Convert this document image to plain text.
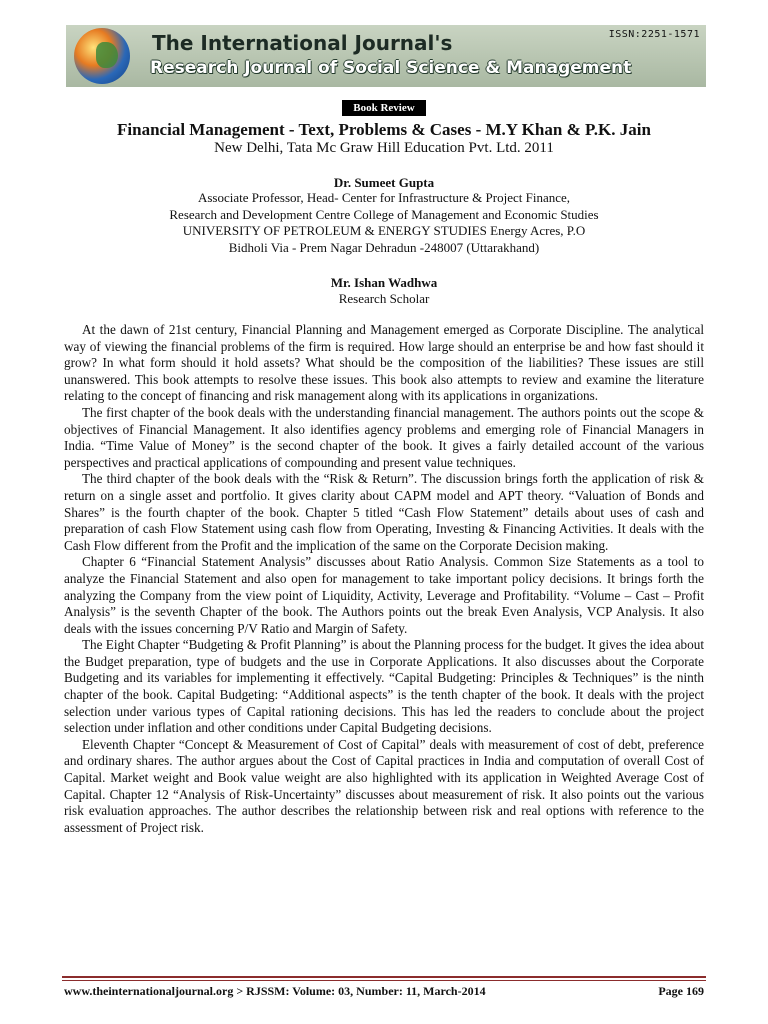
The International Journal's
Research Journal of Social Science & Management
ISSN:2251-1571
Book Review
Financial Management - Text, Problems & Cases - M.Y Khan & P.K. Jain
New Delhi, Tata Mc Graw Hill Education Pvt. Ltd. 2011
Dr. Sumeet Gupta
Associate Professor, Head- Center for Infrastructure & Project Finance,
Research and Development Centre College of Management and Economic Studies
UNIVERSITY OF PETROLEUM & ENERGY STUDIES Energy Acres, P.O
Bidholi Via - Prem Nagar Dehradun -248007 (Uttarakhand)
Mr. Ishan Wadhwa
Research Scholar

At the dawn of 21st century, Financial Planning and Management emerged as Corporate Discipline. The analytical way of viewing the financial problems of the firm is required. How large should an enterprise be and how fast should it grow? In what form should it hold assets? What should be the composition of the liabilities? These issues are still unanswered. This book attempts to resolve these issues. This book also attempts to review and examine the literature relating to the concept of financing and risk management along with its applications in organizations.

The first chapter of the book deals with the understanding financial management. The authors points out the scope & objectives of Financial Management. It also identifies agency problems and emerging role of Financial Managers in India. “Time Value of Money” is the second chapter of the book. It gives a fairly detailed account of the various perspectives and practical applications of compounding and present value techniques.

The third chapter of the book deals with the “Risk & Return”. The discussion brings forth the application of risk & return on a single asset and portfolio. It gives clarity about CAPM model and APT theory. “Valuation of Bonds and Shares” is the fourth chapter of the book. Chapter 5 titled “Cash Flow Statement” details about uses of cash and preparation of cash Flow Statement using cash flow from Operating, Investing & Financing Activities. It deals with the Cash Flow different from the Profit and the implication of the same on the Corporate Decision making.

Chapter 6 “Financial Statement Analysis” discusses about Ratio Analysis. Common Size Statements as a tool to analyze the Financial Statement and also open for management to take important policy decisions. It brings forth the analyzing the Company from the view point of Liquidity, Activity, Leverage and Profitability. “Volume – Cast – Profit Analysis” is the seventh Chapter of the book. The Authors points out the break Even Analysis, VCP Analysis. It also deals with the issues concerning P/V Ratio and Margin of Safety.

The Eight Chapter “Budgeting & Profit Planning” is about the Planning process for the budget. It gives the idea about the Budget preparation, type of budgets and the use in Corporate Applications. It also discusses about the Corporate Budgeting and its variables for implementing it effectively. “Capital Budgeting: Principles & Techniques” is the ninth chapter of the book. Capital Budgeting: “Additional aspects” is the tenth chapter of the book. It deals with the project selection under various types of Capital rationing decisions. This has led the readers to conclude about the project selection under inflation and other conditions under Capital Budgeting decisions.

Eleventh Chapter “Concept & Measurement of Cost of Capital” deals with measurement of cost of debt, preference and ordinary shares. The author argues about the Cost of Capital practices in India and computation of overall Cost of Capital. Market weight and Book value weight are also highlighted with its application in Weighted Average Cost of Capital. Chapter 12 “Analysis of Risk-Uncertainty” discusses about measurement of risk. It also points out the various risk evaluation approaches. The author describes the relationship between risk and real options with reference to the assessment of Project risk.

www.theinternationaljournal.org > RJSSM: Volume: 03, Number: 11, March-2014	Page 169
